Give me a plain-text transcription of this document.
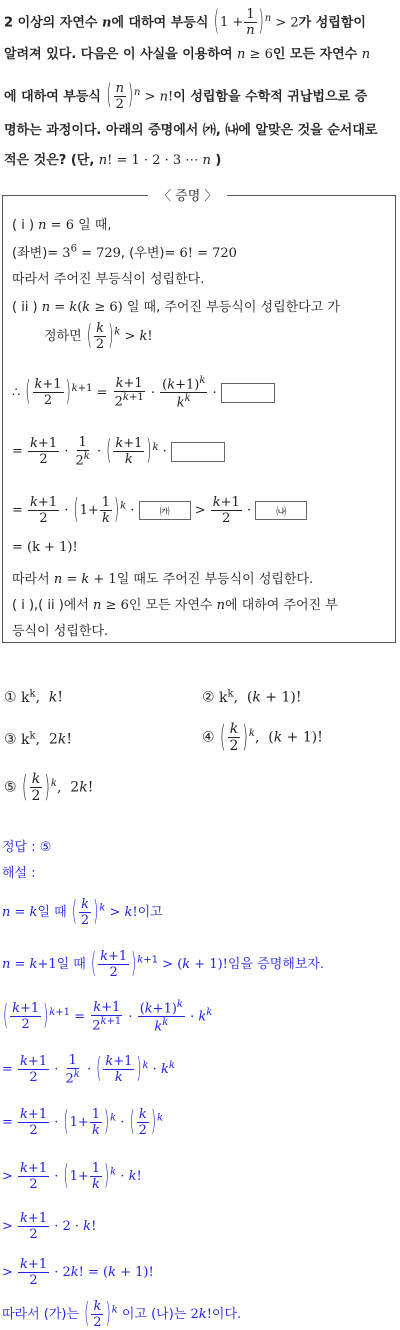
2 이상의 자연수 n에 대하여 부등식 ( $1 + \frac{1}{n}$ ) $^n$ > 2가 성립함이
알려져 있다. 다음은 이 사실을 이용하여 n ≥ 6인 모든 자연수 n
에 대하여 부등식 ( $\frac{n}{2}$ ) $^n$ > n!이 성립함을 수학적 귀납법으로 증
명하는 과정이다. 아래의 증명에서 ㈎, ㈏에 알맞은 것을 순서대로
적은 것은? (단, n! = 1 · 2 · 3 ⋯ n )
〈 증명 〉
( i ) n = 6 일 때,
(좌변)= $3^6 = 729$, (우변)= 6! = 720
따라서 주어진 부등식이 성립한다.
( ii ) n = k(k ≥ 6) 일 때, 주어진 부등식이 성립한다고 가
정하면 ( $\frac{k}{2}$ ) $^k$ > k!
∴ ( $\frac{k+1}{2}$ ) $^{k+1} = \frac{k+1}{2^{k+1}} \cdot \frac{(k+1)^k}{k^k}$ ·
= $\frac{k+1}{2} \cdot \frac{1}{2^k}$ · ( $\frac{k+1}{k}$ ) $^k$ ·
= $\frac{k+1}{2}$ · ( $1+ \frac{1}{k}$ ) $^k$ · ㈎ > $\frac{k+1}{2}$ · ㈏
= (k + 1)!
따라서 n = k + 1일 때도 주어진 부등식이 성립한다.
( i ),( ii )에서 n ≥ 6인 모든 자연수 n에 대하여 주어진 부
등식이 성립한다.
① $k^k$,  k!	② $k^k$,  (k + 1)!
③ $k^k$,  2k!	④ ( $\frac{k}{2}$ ) $^k$,  (k + 1)!
⑤ ( $\frac{k}{2}$ ) $^k$,  2k!
정답 : ⑤
해설 :
n = k일 때 ( $\frac{k}{2}$ ) $^k$ > k!이고
n = k+1일 때 ( $\frac{k+1}{2}$ ) $^{k+1}$ > (k + 1)!임을 증명해보자.
( $\frac{k+1}{2}$ ) $^{k+1} = \frac{k+1}{2^{k+1}} \cdot \frac{(k+1)^k}{k^k} \cdot k^k$
= $\frac{k+1}{2} \cdot \frac{1}{2^k}$ · ( $\frac{k+1}{k}$ ) $^k \cdot k^k$
= $\frac{k+1}{2}$ · ( $1+ \frac{1}{k}$ ) $^k$ · ( $\frac{k}{2}$ ) $^k$
> $\frac{k+1}{2}$ · ( $1+ \frac{1}{k}$ ) $^k$ · k!
> $\frac{k+1}{2} \cdot 2 \cdot k$!
> $\frac{k+1}{2} \cdot 2k$! = (k + 1)!
따라서 (가)는 ( $\frac{k}{2}$ ) $^k$ 이고 (나)는 2k!이다.
